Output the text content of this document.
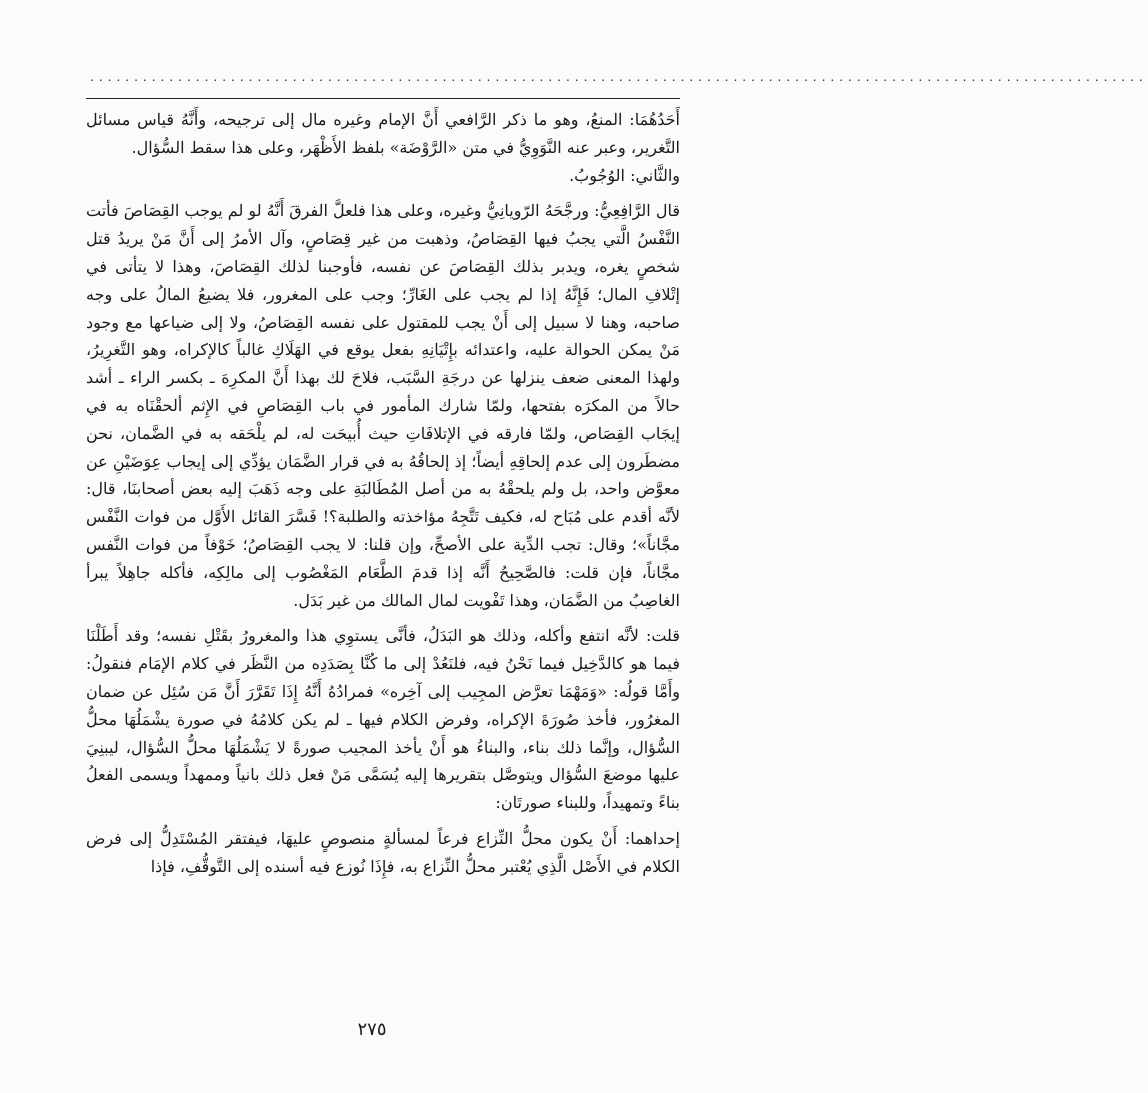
........................................................................................................................

أَحَدُهُمَا: المنعُ، وهو ما ذكر الرَّافعي أَنَّ الإمام وغيره مال إلى ترجيحه، وأَنَّهُ قياس مسائل التَّغرير، وعبر عنه النَّوَوِيُّ في متن «الرَّوْضَة» بلفظ الأَظْهَر، وعلى هذا سقط السُّؤال.

والثَّاني: الوُجُوبُ.

قال الرَّافِعِيُّ: ورجَّحَهُ الرّويانِيُّ وغيره، وعلى هذا فلعلَّ الفرقَ أَنَّهُ لو لم يوجب القِصَاصَ فأتت النَّفْسُ الَّتي يجبُ فيها القِصَاصُ، وذهبت من غير قِصَاصٍ، وآل الأمرُ إلى أَنَّ مَنْ يريدُ قتل شخصٍ يغره، ويدبر بذلك القِصَاصَ عن نفسه، فأوجبنا لذلك القِصَاصَ، وهذا لا يتأتى في إتْلافِ المال؛ فَإِنَّهُ إذا لم يجب على الغَارِّ؛ وجب على المغرور، فلا يضيعُ المالُ على وجه صاحبه، وهنا لا سبيل إلى أَنْ يجب للمقتول على نفسه القِصَاصُ، ولا إلى ضياعها مع وجود مَنْ يمكن الحوالة عليه، واعتدائه بإِتْيَانِهِ بفعل يوقع في الهَلَاكِ غالباً كالإكراه، وهو التَّغرِيرُ، ولهذا المعنى ضعف ينزلها عن درجَةِ السَّبَب، فلاحَ لك بهذا أَنَّ المكرِهَ ـ بكسر الراء ـ أشد حالاً من المكرَه بفتحها، ولمّا شارك المأمور في باب القِصَاصِ في الإِثم ألحقْنَاه به في إيجَاب القِصَاص، ولمّا فارقه في الإتلافَاتِ حيث أُبيحَت له، لم يلْحَقه به في الضَّمان، نحن مضطَرون إلى عدم إلحاقِهِ أيضاً؛ إذ إلحاقُهُ به في قرار الضَّمَان يؤدِّي إلى إيجاب عِوَضَيْنِ عن معوَّض واحد، بل ولم يلحقْهُ به من أصل المُطَالبَةِ على وجه ذَهَبَ إليه بعض أصحابنَا، قال: لأنَّه أقدم على مُبَاح له، فكيف تَتَّجِهُ مؤاخذته والطلبة؟! فَسَّرَ القائل الأَوَّل من فوات النَّفْس مجَّاناً»؛ وقال: تجب الدِّية على الأصحِّ، وإن قلنا: لا يجب القِصَاصُ؛ خَوْفاً من فوات النَّفس مجَّاناً، فإن قلت: فالصَّحِيحُ أَنَّه إذا قدمَ الطَّعَام المَغْصُوب إلى مالِكِه، فأكله جاهِلاً يبرأ الغاصِبُ من الضَّمَان، وهذا تَفْويت لمال المالك من غير بَدَل.

قلت: لأنَّه انتفع وأكله، وذلك هو البَدَلُ، فأنَّى يستوِي هذا والمغرورُ بقَتْلِ نفسه؛ وقد أَطَلْنَا فيما هو كالدَّخِيل فيما نَحْنُ فيه، فلنَعُدْ إلى ما كُنَّا بِصَدَدِه من النَّظَر في كلام الإمَام فنقولُ: وأَمَّا قولُه: «وَمَهْمَا تعرَّض المجِيب إلى آخِره» فمرادُهُ أَنَّهُ إِذَا تَقَرَّرَ أَنَّ مَن سُئِل عن ضمان المغرُور، فأخذ صُورَةَ الإكراه، وفرض الكلام فيها ـ لم يكن كلامُهُ في صورة يشْمَلُهَا محلُّ السُّؤال، وإنَّما ذلك بناء، والبناءُ هو أَنْ يأخذ المجيب صورةً لا يَشْمَلُهَا محلُّ السُّؤال، ليبنِيَ عليها موضعَ السُّؤال ويتوصَّل بتقريرها إليه يُسَمَّى مَنْ فعل ذلك بانياً وممهداً ويسمى الفعلُ بناءً وتمهيداً، وللبناء صورتَان:

إحداهما: أَنْ يكون محلُّ النِّزاع فرعاً لمسألةٍ منصوصٍ عليهَا، فيفتقر المُسْتَدِلُّ إلى فرض الكلام في الأَصْل الَّذِي يُعْتبر محلُّ النِّزاع به، فإِذَا نُوزع فيه أسنده إلى التَّوقُّفِ، فإذا

٢٧٥
